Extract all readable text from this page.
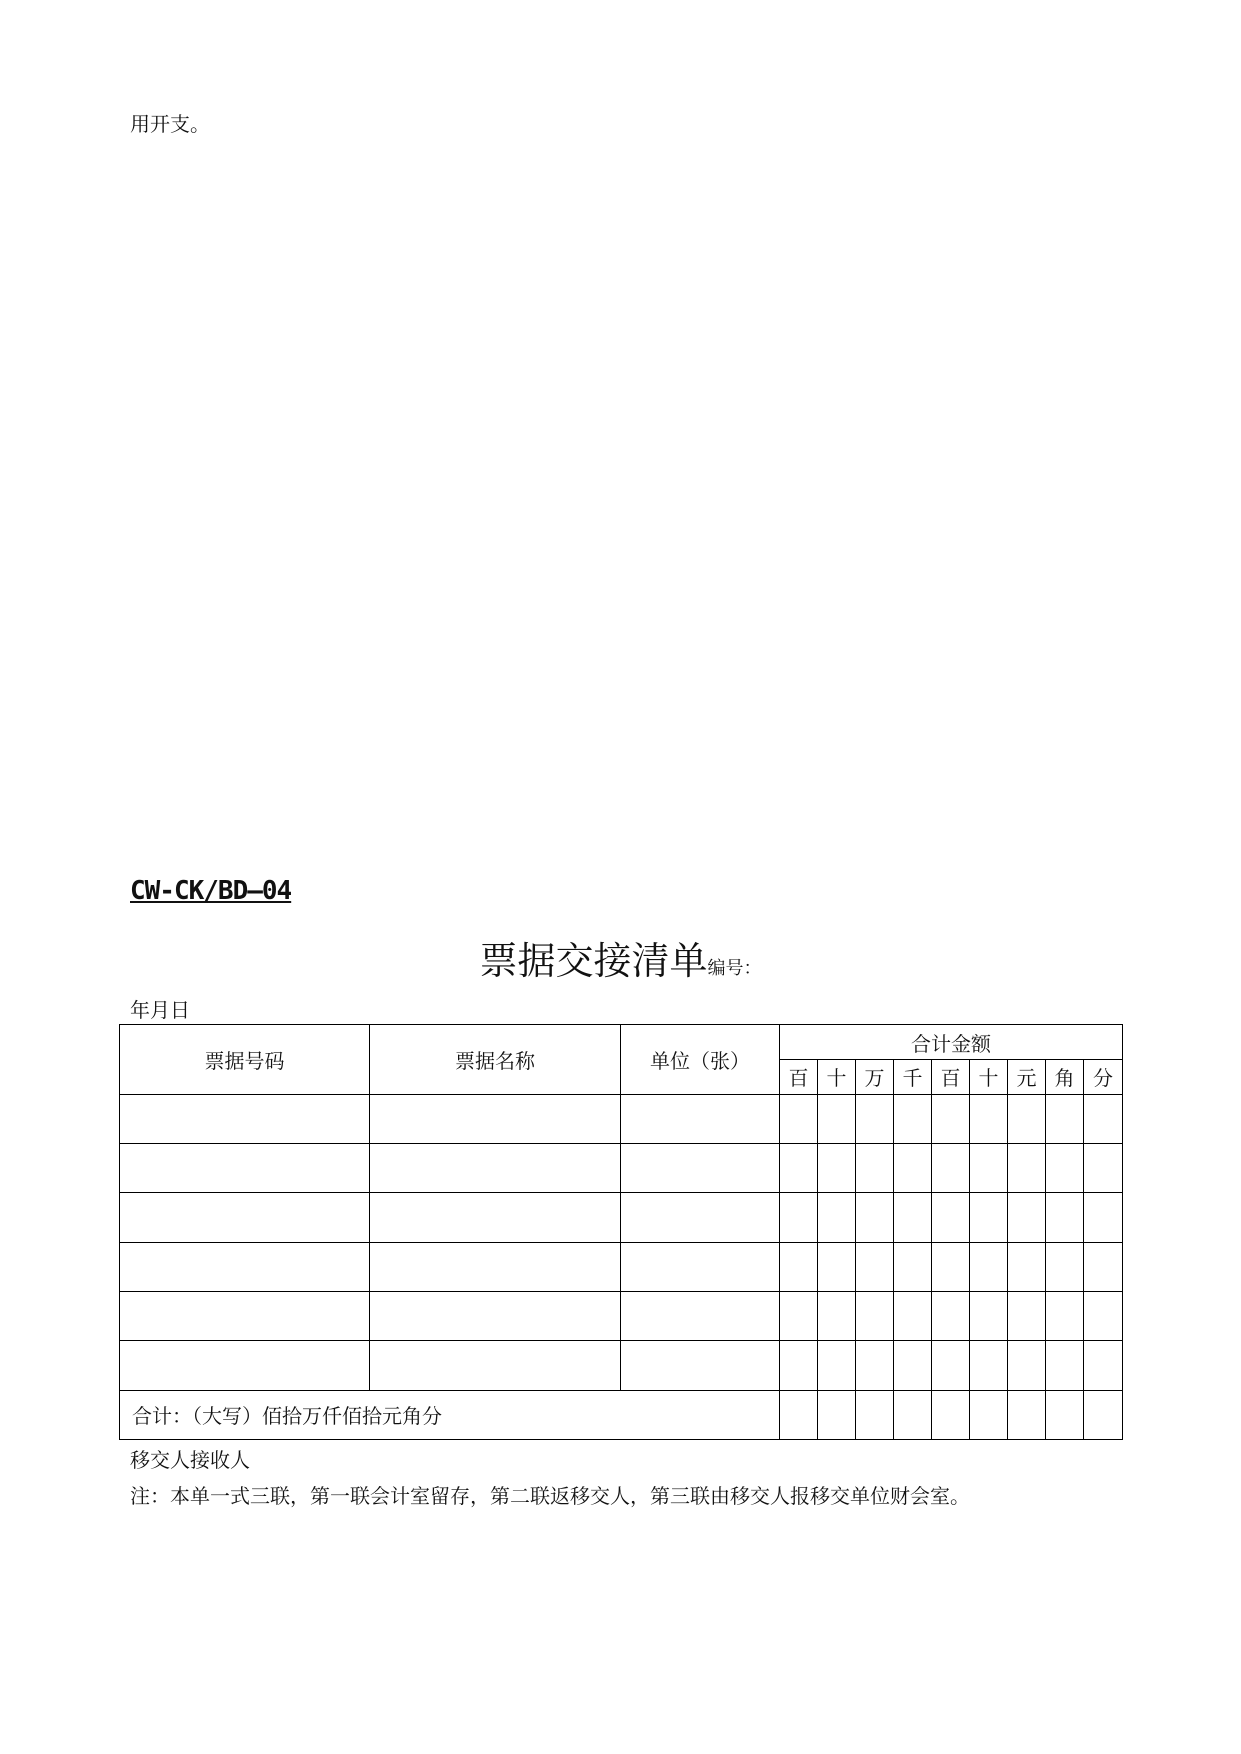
用开支。
CW-CK/BD—04
票据交接清单编号：
年月日
票据号码	票据名称	单位（张）	合计金额								
			百	十	万	千	百	十	元	角	分

合计：（大写）佰拾万仟佰拾元角分											
移交人接收人
注：本单一式三联，第一联会计室留存，第二联返移交人，第三联由移交人报移交单位财会室。
